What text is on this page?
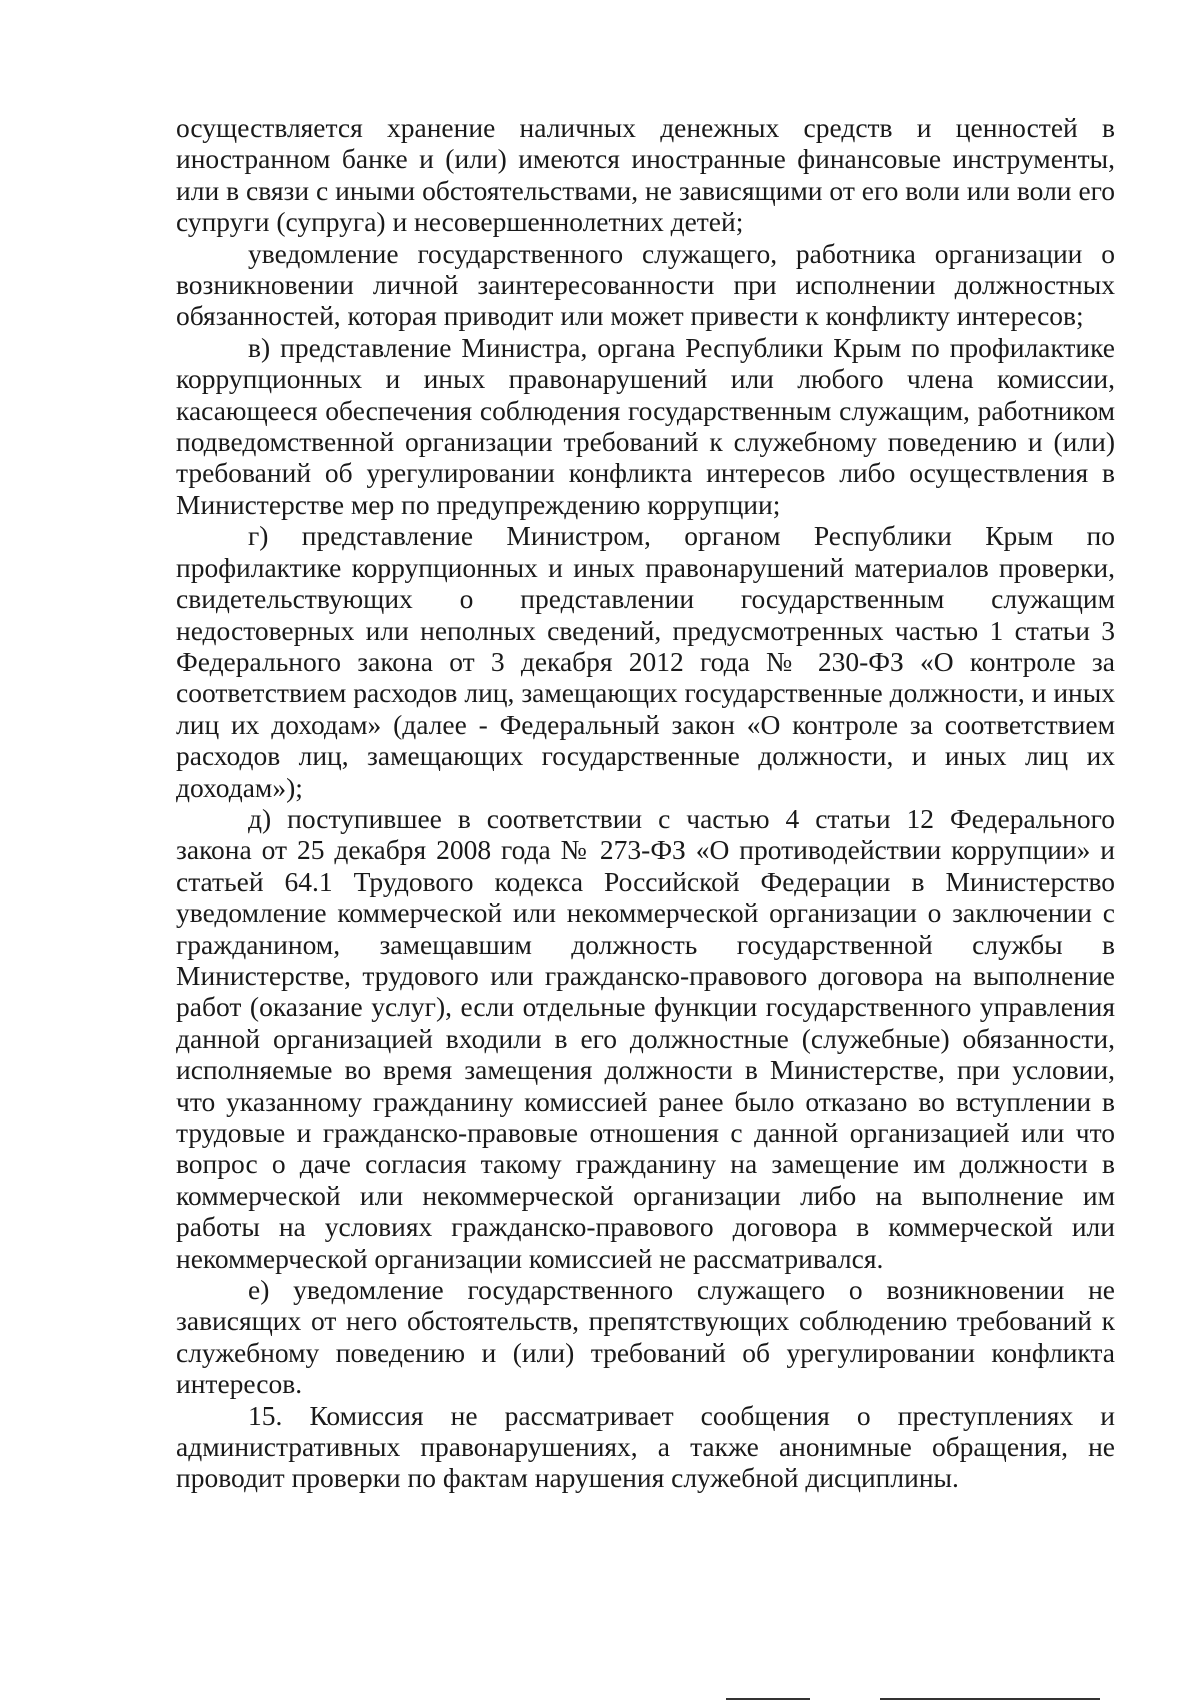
осуществляется хранение наличных денежных средств и ценностей в иностранном банке и (или) имеются иностранные финансовые инструменты, или в связи с иными обстоятельствами, не зависящими от его воли или воли его супруги (супруга) и несовершеннолетних детей;

уведомление государственного служащего, работника организации о возникновении личной заинтересованности при исполнении должностных обязанностей, которая приводит или может привести к конфликту интересов;

в) представление Министра, органа Республики Крым по профилактике коррупционных и иных правонарушений или любого члена комиссии, касающееся обеспечения соблюдения государственным служащим, работником подведомственной организации требований к служебному поведению и (или) требований об урегулировании конфликта интересов либо осуществления в Министерстве мер по предупреждению коррупции;

г) представление Министром, органом Республики Крым по профилактике коррупционных и иных правонарушений материалов проверки, свидетельствующих о представлении государственным служащим недостоверных или неполных сведений, предусмотренных частью 1 статьи 3 Федерального закона от 3 декабря 2012 года № 230-ФЗ «О контроле за соответствием расходов лиц, замещающих государственные должности, и иных лиц их доходам» (далее - Федеральный закон «О контроле за соответствием расходов лиц, замещающих государственные должности, и иных лиц их доходам»);

д) поступившее в соответствии с частью 4 статьи 12 Федерального закона от 25 декабря 2008 года № 273-ФЗ «О противодействии коррупции» и статьей 64.1 Трудового кодекса Российской Федерации в Министерство уведомление коммерческой или некоммерческой организации о заключении с гражданином, замещавшим должность государственной службы в Министерстве, трудового или гражданско-правового договора на выполнение работ (оказание услуг), если отдельные функции государственного управления данной организацией входили в его должностные (служебные) обязанности, исполняемые во время замещения должности в Министерстве, при условии, что указанному гражданину комиссией ранее было отказано во вступлении в трудовые и гражданско-правовые отношения с данной организацией или что вопрос о даче согласия такому гражданину на замещение им должности в коммерческой или некоммерческой организации либо на выполнение им работы на условиях гражданско-правового договора в коммерческой или некоммерческой организации комиссией не рассматривался.

е) уведомление государственного служащего о возникновении не зависящих от него обстоятельств, препятствующих соблюдению требований к служебному поведению и (или) требований об урегулировании конфликта интересов.

15. Комиссия не рассматривает сообщения о преступлениях и административных правонарушениях, а также анонимные обращения, не проводит проверки по фактам нарушения служебной дисциплины.
